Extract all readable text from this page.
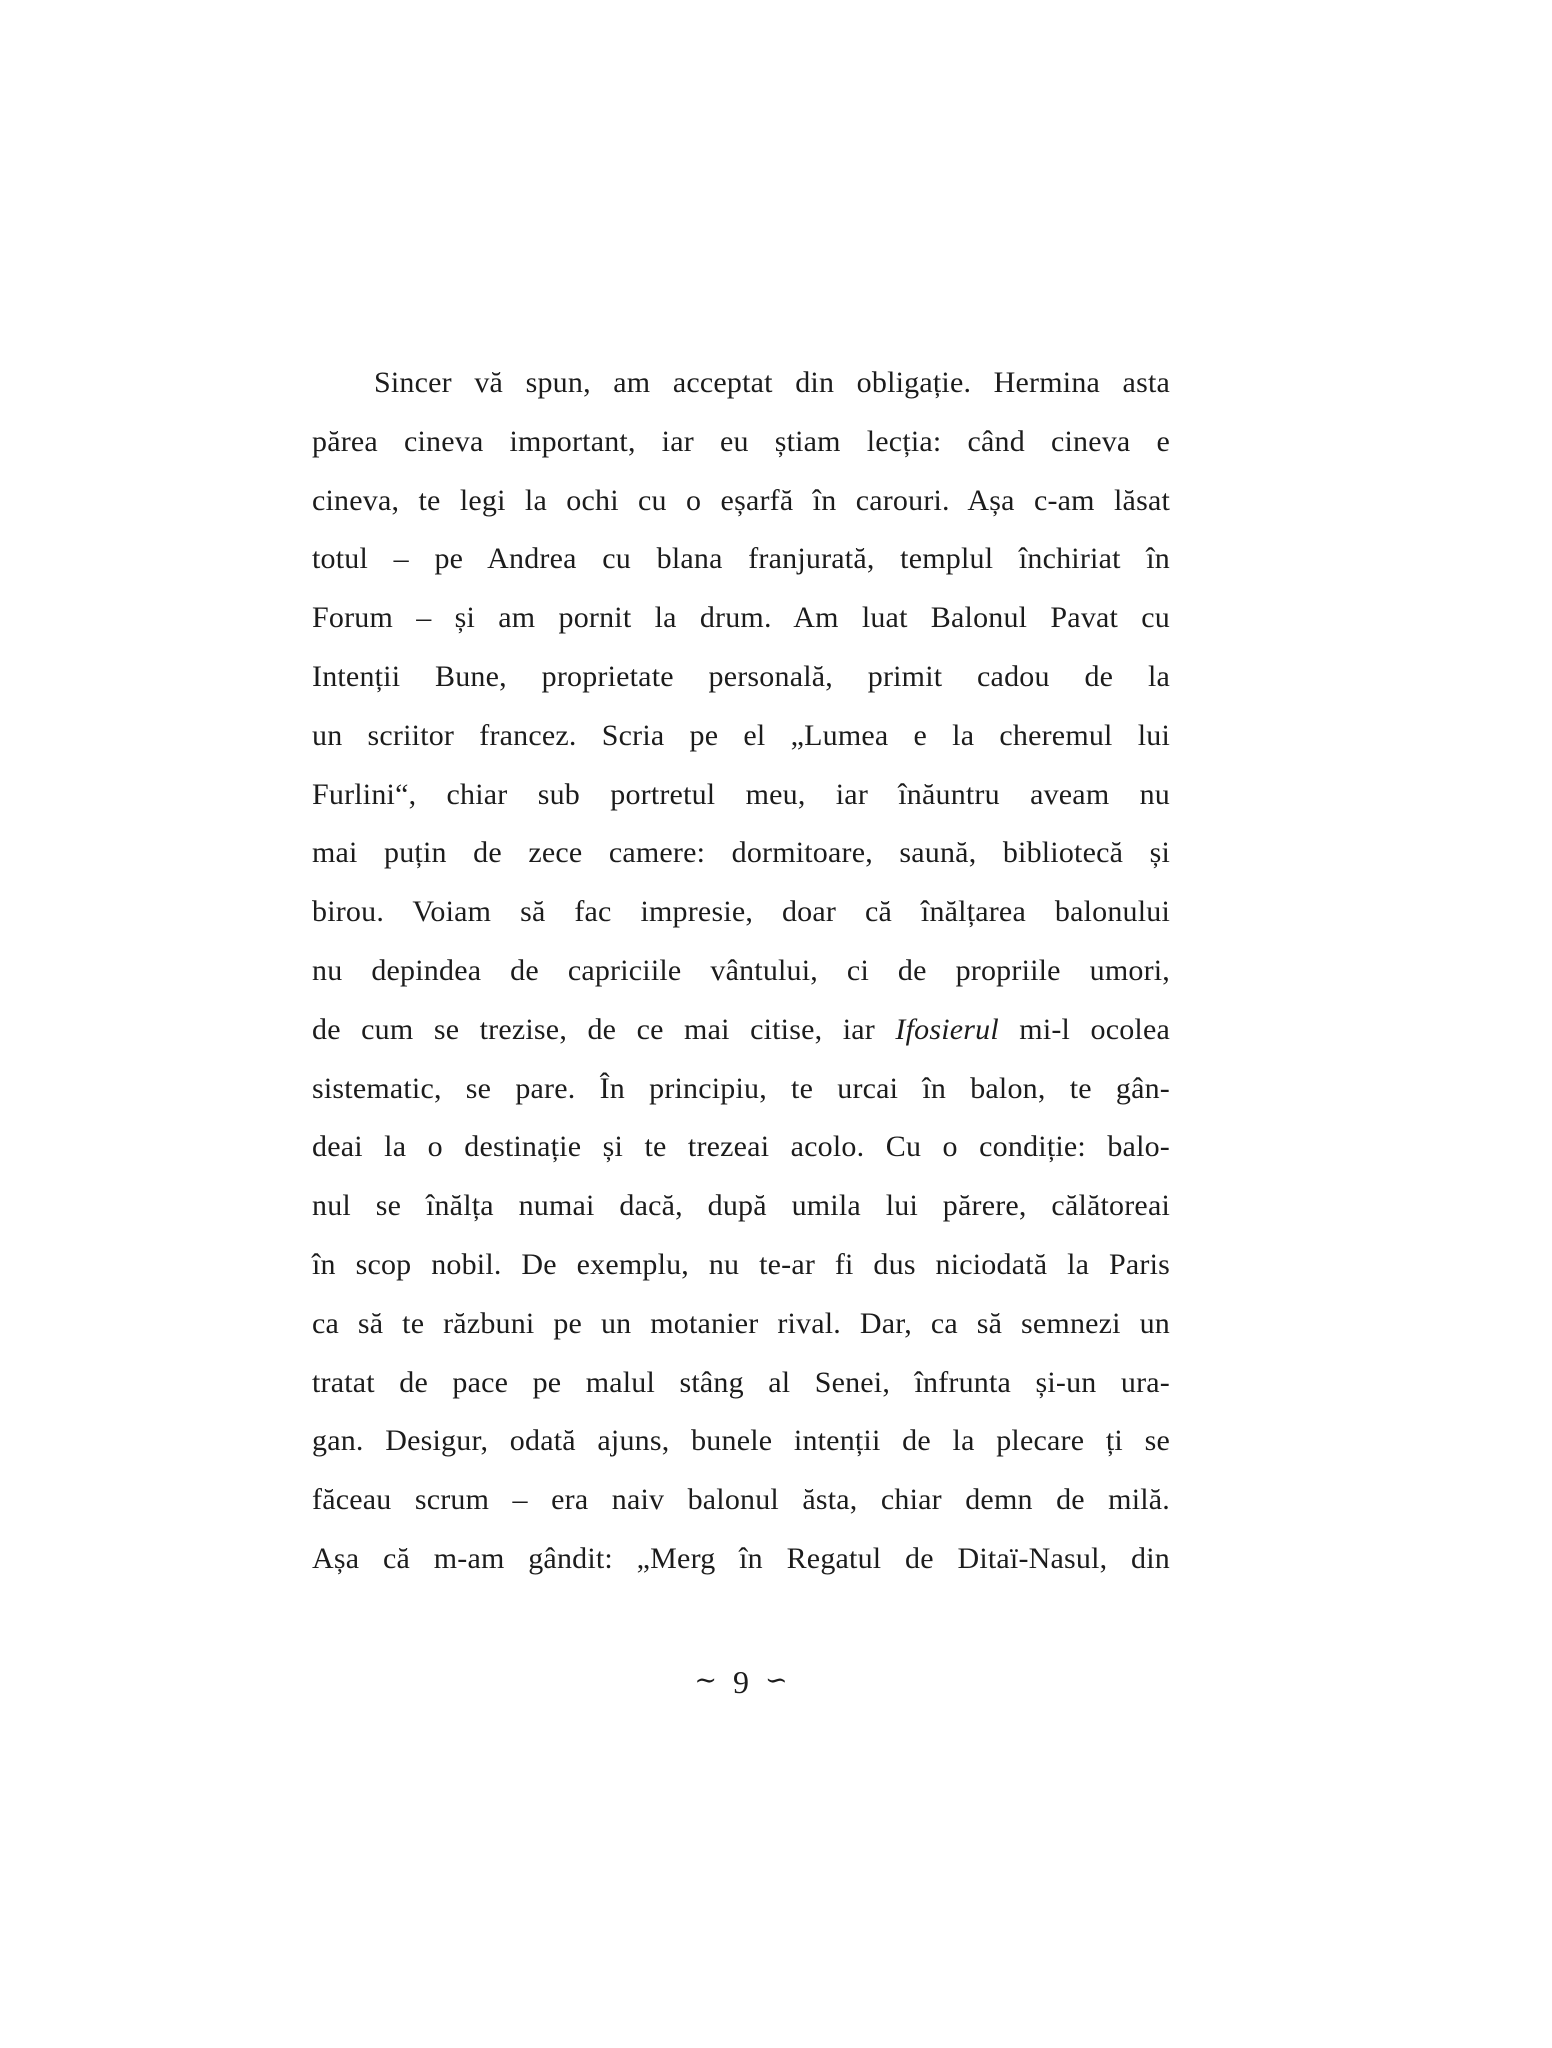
Sincer vă spun, am acceptat din obligație. Hermina asta
părea cineva important, iar eu știam lecția: când cineva e
cineva, te legi la ochi cu o eșarfă în carouri. Așa c-am lăsat
totul – pe Andrea cu blana franjurată, templul închiriat în
Forum – și am pornit la drum. Am luat Balonul Pavat cu
Intenții Bune, proprietate personală, primit cadou de la
un scriitor francez. Scria pe el „Lumea e la cheremul lui
Furlini“, chiar sub portretul meu, iar înăuntru aveam nu
mai puțin de zece camere: dormitoare, saună, bibliotecă și
birou. Voiam să fac impresie, doar că înălțarea balonului
nu depindea de capriciile vântului, ci de propriile umori,
de cum se trezise, de ce mai citise, iar Ifosierul mi-l ocolea
sistematic, se pare. În principiu, te urcai în balon, te gân-
deai la o destinație și te trezeai acolo. Cu o condiție: balo-
nul se înălța numai dacă, după umila lui părere, călătoreai
în scop nobil. De exemplu, nu te-ar fi dus niciodată la Paris
ca să te răzbuni pe un motanier rival. Dar, ca să semnezi un
tratat de pace pe malul stâng al Senei, înfrunta și-un ura-
gan. Desigur, odată ajuns, bunele intenții de la plecare ți se
făceau scrum – era naiv balonul ăsta, chiar demn de milă.
Așa că m-am gândit: „Merg în Regatul de Ditaï-Nasul, din
∼ 9 ∽
